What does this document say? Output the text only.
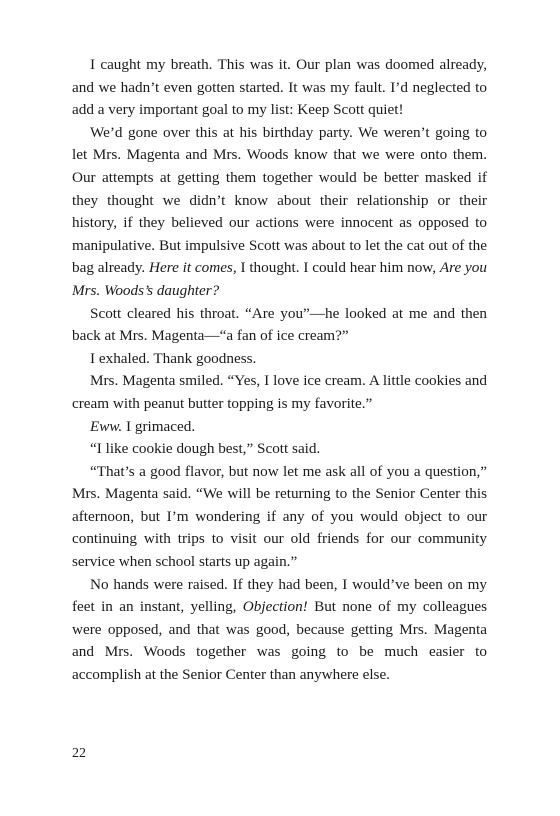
I caught my breath. This was it. Our plan was doomed already, and we hadn’t even gotten started. It was my fault. I’d neglected to add a very important goal to my list: Keep Scott quiet!

We’d gone over this at his birthday party. We weren’t going to let Mrs. Magenta and Mrs. Woods know that we were onto them. Our attempts at getting them together would be better masked if they thought we didn’t know about their relationship or their history, if they believed our actions were innocent as opposed to manipulative. But impulsive Scott was about to let the cat out of the bag already. Here it comes, I thought. I could hear him now, Are you Mrs. Woods’s daughter?

Scott cleared his throat. “Are you”—he looked at me and then back at Mrs. Magenta—“a fan of ice cream?”

I exhaled. Thank goodness.

Mrs. Magenta smiled. “Yes, I love ice cream. A little cookies and cream with peanut butter topping is my favorite.”

Eww. I grimaced.

“I like cookie dough best,” Scott said.

“That’s a good flavor, but now let me ask all of you a question,” Mrs. Magenta said. “We will be returning to the Senior Center this afternoon, but I’m wondering if any of you would object to our continuing with trips to visit our old friends for our community service when school starts up again.”

No hands were raised. If they had been, I would’ve been on my feet in an instant, yelling, Objection! But none of my colleagues were opposed, and that was good, because getting Mrs. Magenta and Mrs. Woods together was going to be much easier to accomplish at the Senior Center than anywhere else.

22
